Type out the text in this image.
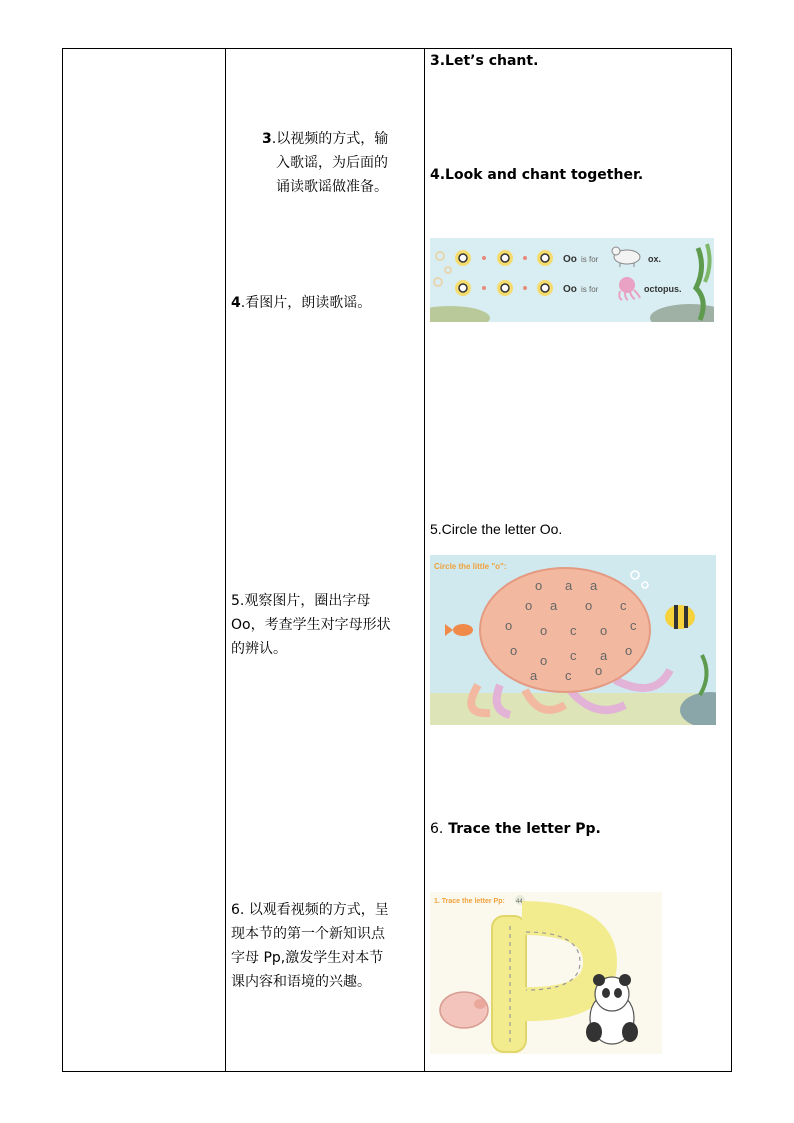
3.以视频的方式，输
入歌谣，为后面的
诵读歌谣做准备。
4.看图片，朗读歌谣。
5.观察图片，圈出字母
Oo，考查学生对字母形状
的辨认。
6. 以观看视频的方式，呈
现本节的第一个新知识点
字母 Pp,激发学生对本节
课内容和语境的兴趣。
3.Let’s chant.
4.Look and chant together.
Oo is for	ox.
Oo is for	octopus.
5.Circle the letter Oo.
Circle the little "o":
o a a
o a o c
o o c o c
o
o c a o
a c o
6. Trace the letter Pp.
1. Trace the letter Pp: 44
